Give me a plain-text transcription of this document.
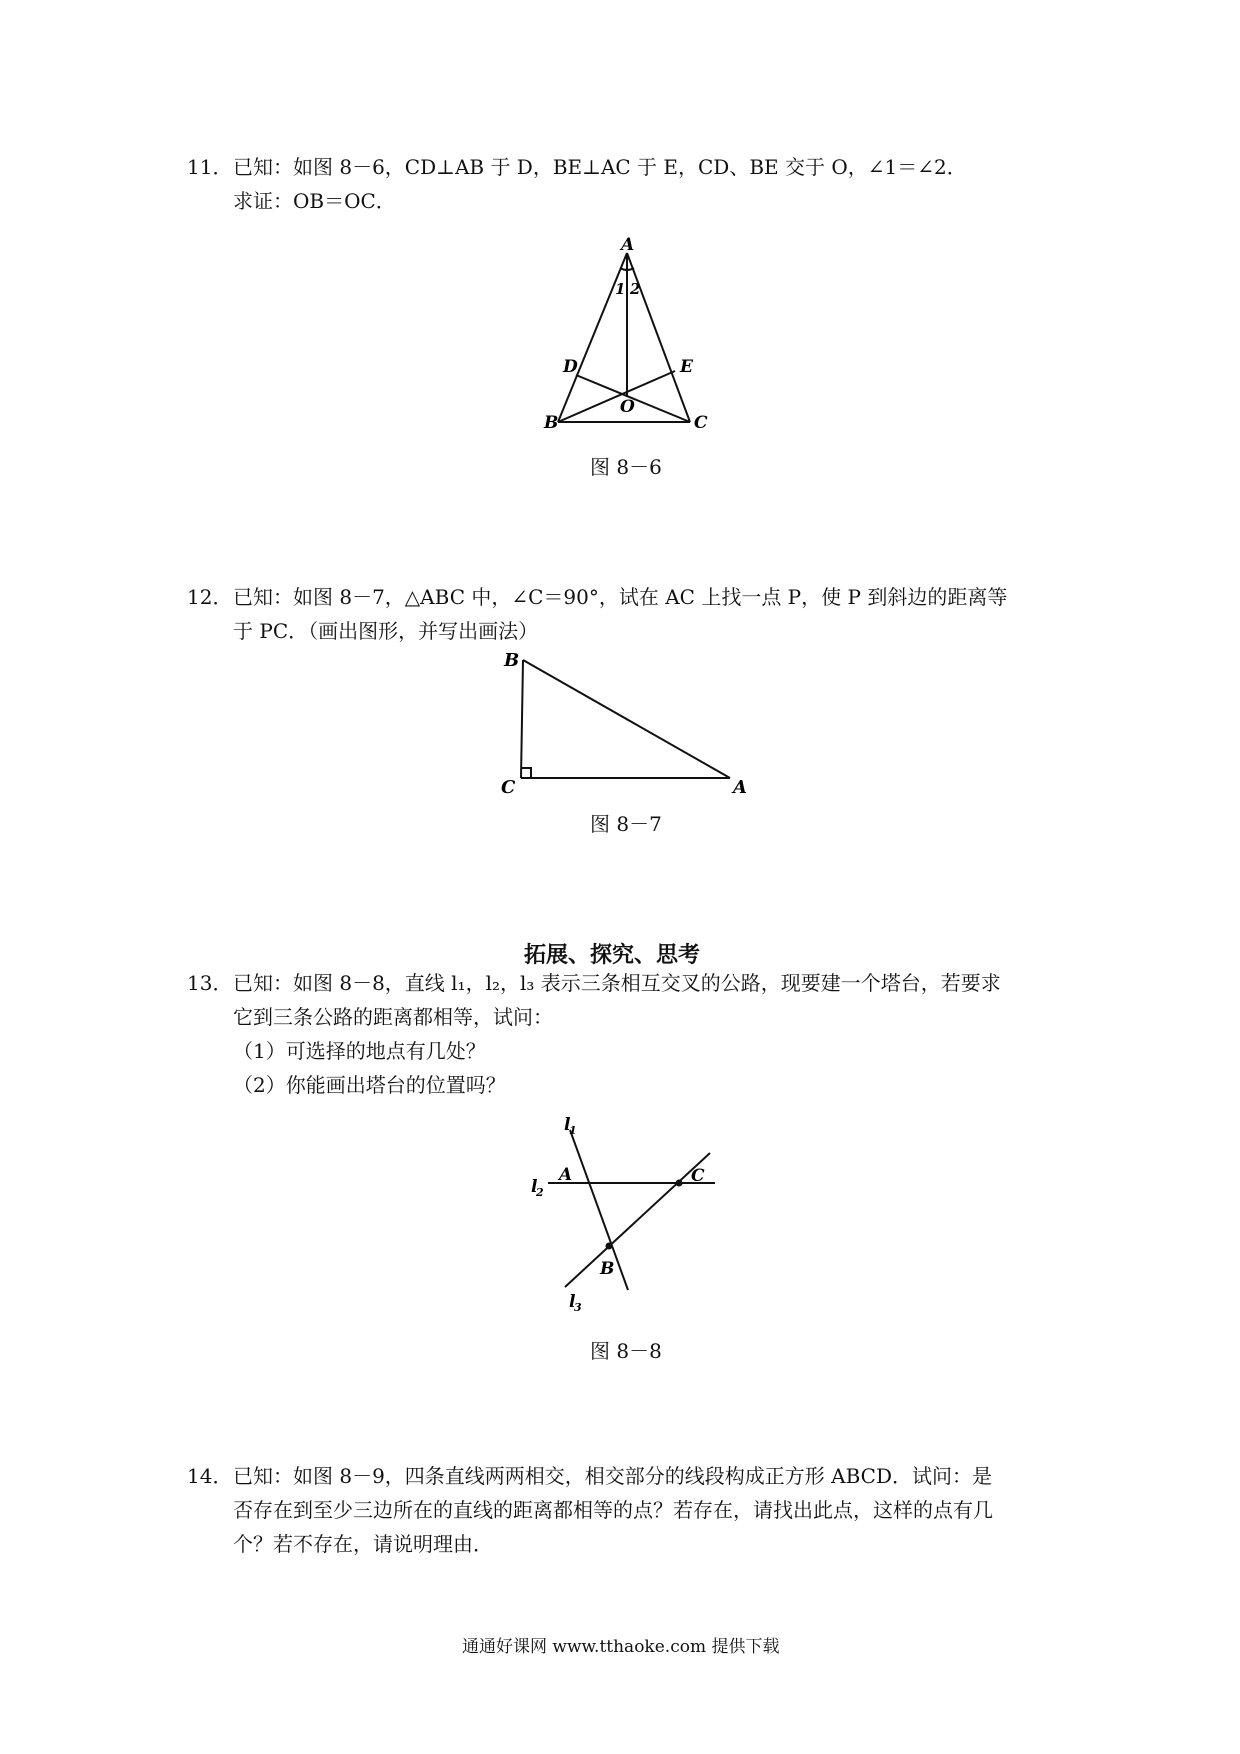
11． 已知：如图 8－6，CD⊥AB 于 D，BE⊥AC 于 E，CD、BE 交于 O，∠1＝∠2．
求证：OB＝OC．
A
B	C
D	E
O
1 2
图 8－6
12． 已知：如图 8－7，△ABC 中，∠C＝90°，试在 AC 上找一点 P，使 P 到斜边的距离等
于 PC．（画出图形，并写出画法）
B
C	A
图 8－7
拓展、探究、思考
13． 已知：如图 8－8，直线 l₁，l₂，l₃ 表示三条相互交叉的公路，现要建一个塔台，若要求
它到三条公路的距离都相等，试问：
（1）可选择的地点有几处？
（2）你能画出塔台的位置吗？
l
1
l
2
l
3
A
B
C
图 8－8
14． 已知：如图 8－9，四条直线两两相交，相交部分的线段构成正方形 ABCD．试问：是
否存在到至少三边所在的直线的距离都相等的点？若存在，请找出此点，这样的点有几
个？若不存在，请说明理由．
通通好课网 www.tthaoke.com 提供下载
